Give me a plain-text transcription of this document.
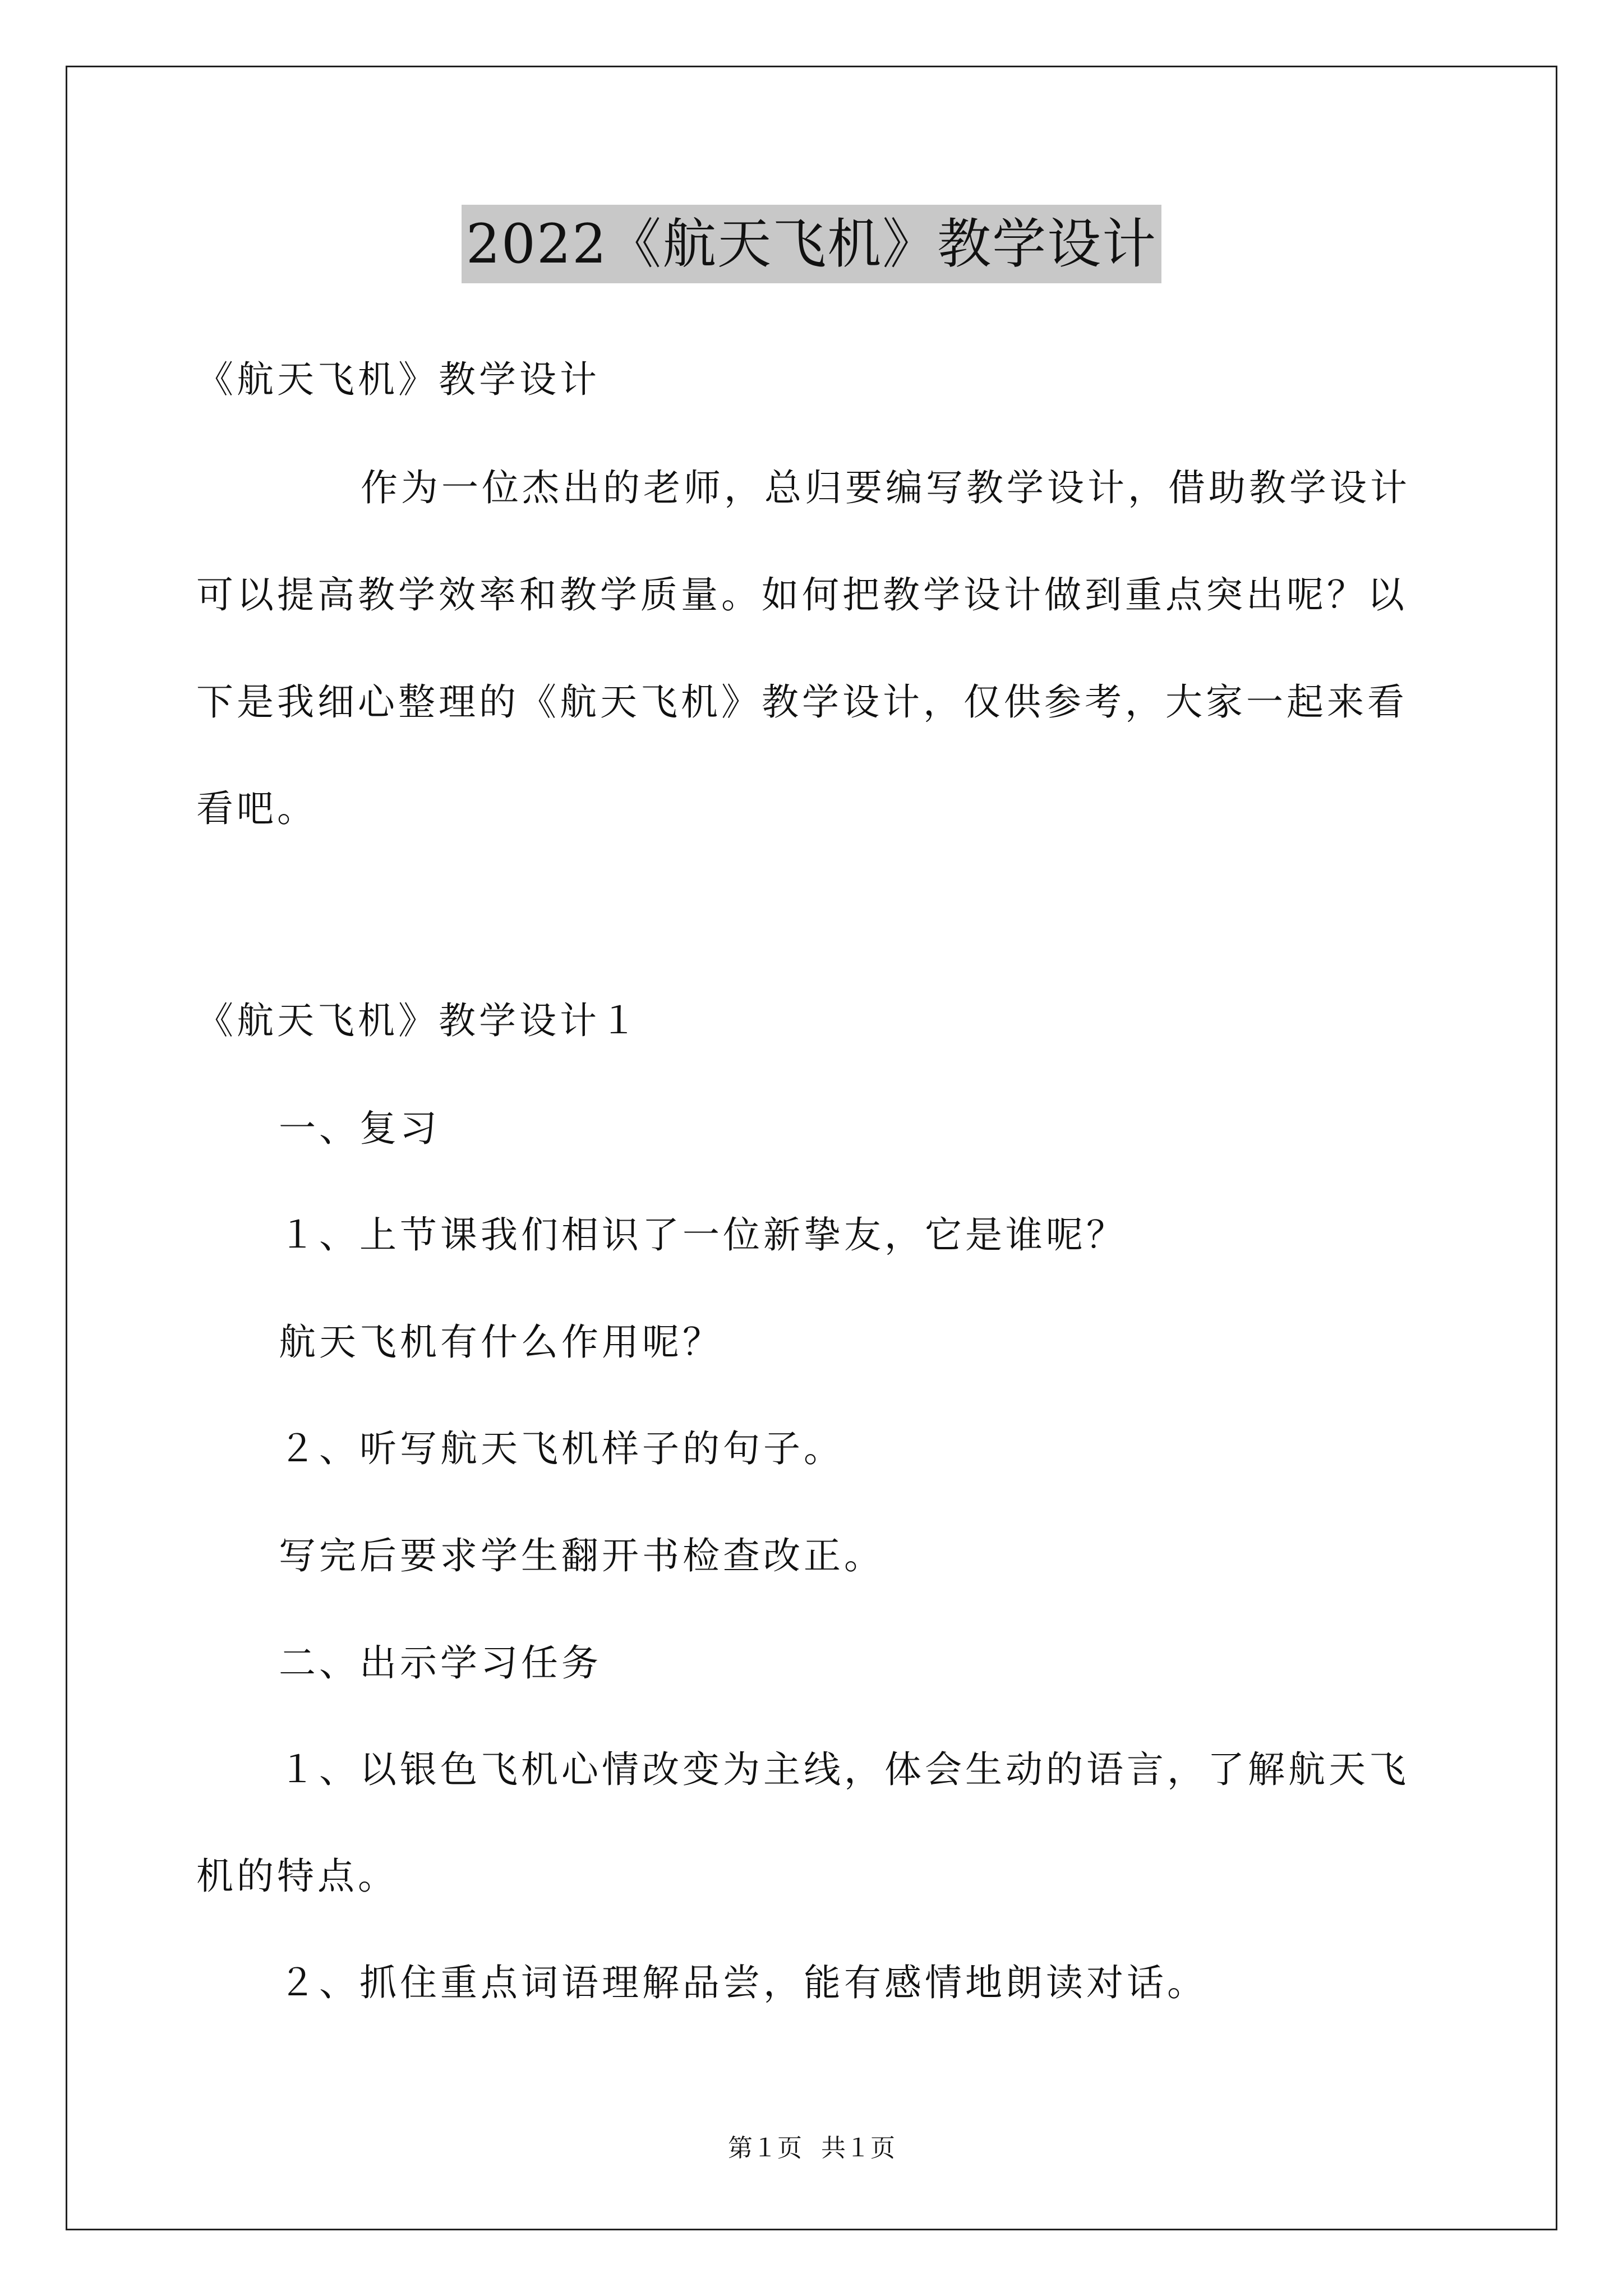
2022《航天飞机》教学设计
《航天飞机》教学设计
作为一位杰出的老师，总归要编写教学设计，借助教学设计
可以提高教学效率和教学质量。如何把教学设计做到重点突出呢？以
下是我细心整理的《航天飞机》教学设计，仅供参考，大家一起来看
看吧。
《航天飞机》教学设计１
一、复习
１、上节课我们相识了一位新挚友，它是谁呢？
航天飞机有什么作用呢？
２、听写航天飞机样子的句子。
写完后要求学生翻开书检查改正。
二、出示学习任务
１、以银色飞机心情改变为主线，体会生动的语言，了解航天飞
机的特点。
２、抓住重点词语理解品尝，能有感情地朗读对话。
第１页 共１页
